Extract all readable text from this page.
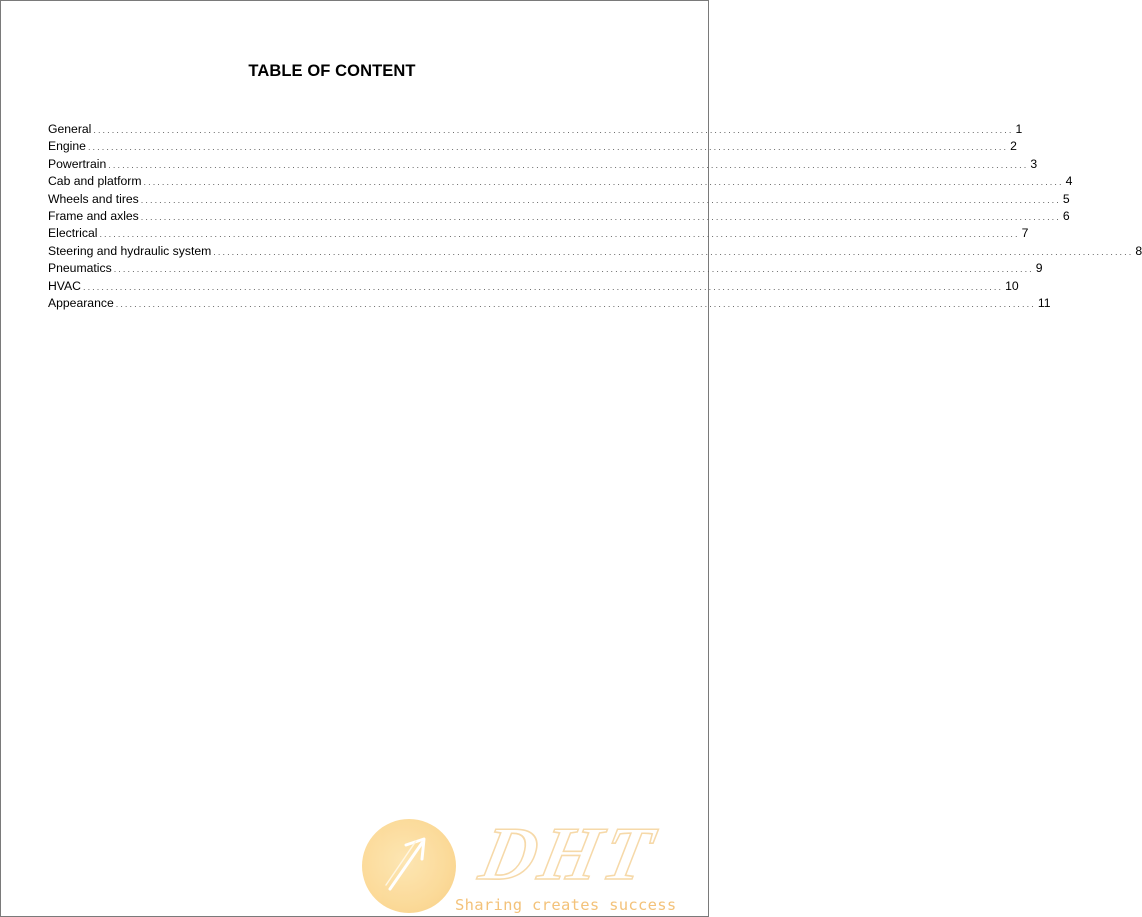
TABLE OF CONTENT
General ........................................................................................................................................................................................................ 1
Engine ........................................................................................................................................................................................................ 2
Powertrain ........................................................................................................................................................................................................ 3
Cab and platform ........................................................................................................................................................................................................ 4
Wheels and tires ........................................................................................................................................................................................................ 5
Frame and axles ........................................................................................................................................................................................................ 6
Electrical ........................................................................................................................................................................................................ 7
Steering and hydraulic system ........................................................................................................................................................................................................ 8
Pneumatics ........................................................................................................................................................................................................ 9
HVAC ........................................................................................................................................................................................................ 10
Appearance ........................................................................................................................................................................................................ 11
DHT
Sharing creates success
